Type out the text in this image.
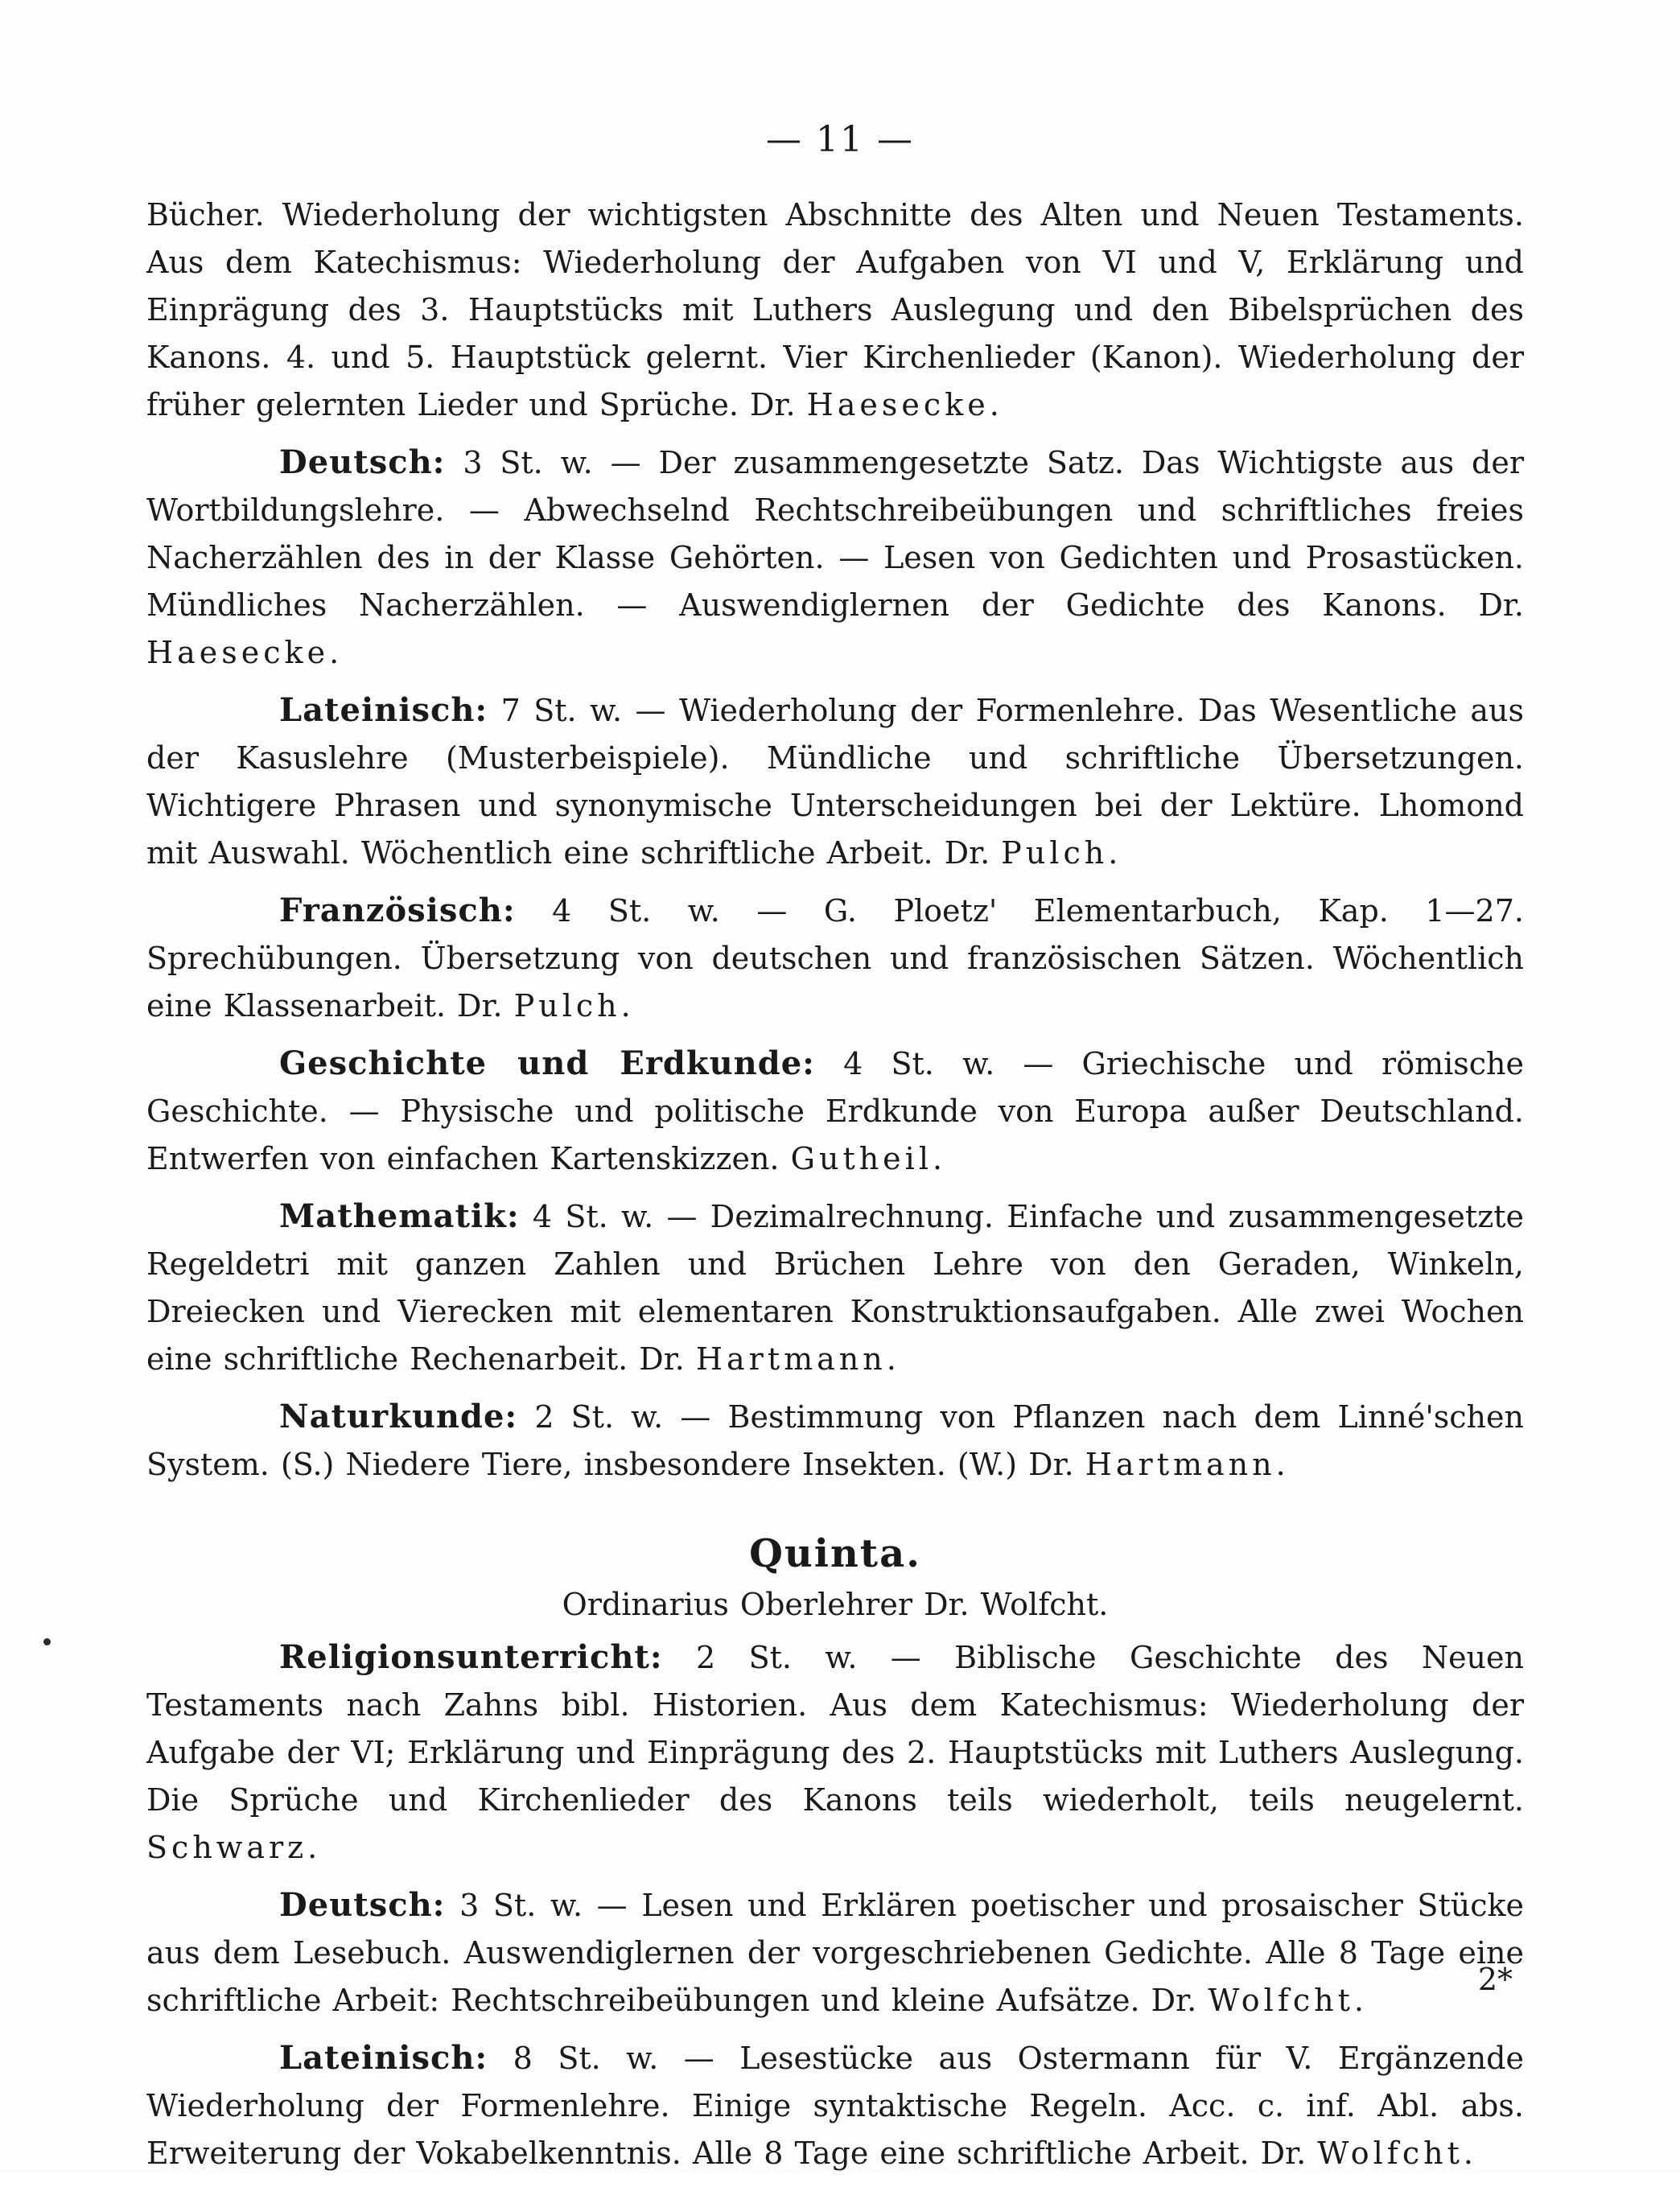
— 11 —

Bücher. Wiederholung der wichtigsten Abschnitte des Alten und Neuen Testaments. Aus dem Katechismus: Wiederholung der Aufgaben von VI und V, Erklärung und Einprägung des 3. Hauptstücks mit Luthers Auslegung und den Bibelsprüchen des Kanons. 4. und 5. Hauptstück gelernt. Vier Kirchenlieder (Kanon). Wiederholung der früher gelernten Lieder und Sprüche. Dr. Haesecke.

Deutsch: 3 St. w. — Der zusammengesetzte Satz. Das Wichtigste aus der Wortbildungslehre. — Abwechselnd Rechtschreibeübungen und schriftliches freies Nacherzählen des in der Klasse Gehörten. — Lesen von Gedichten und Prosastücken. Mündliches Nacherzählen. — Auswendiglernen der Gedichte des Kanons. Dr. Haesecke.

Lateinisch: 7 St. w. — Wiederholung der Formenlehre. Das Wesentliche aus der Kasuslehre (Musterbeispiele). Mündliche und schriftliche Übersetzungen. Wichtigere Phrasen und synonymische Unterscheidungen bei der Lektüre. Lhomond mit Auswahl. Wöchentlich eine schriftliche Arbeit. Dr. Pulch.

Französisch: 4 St. w. — G. Ploetz' Elementarbuch, Kap. 1—27. Sprechübungen. Übersetzung von deutschen und französischen Sätzen. Wöchentlich eine Klassenarbeit. Dr. Pulch.

Geschichte und Erdkunde: 4 St. w. — Griechische und römische Geschichte. — Physische und politische Erdkunde von Europa außer Deutschland. Entwerfen von einfachen Kartenskizzen. Gutheil.

Mathematik: 4 St. w. — Dezimalrechnung. Einfache und zusammengesetzte Regeldetri mit ganzen Zahlen und Brüchen Lehre von den Geraden, Winkeln, Dreiecken und Vierecken mit elementaren Konstruktionsaufgaben. Alle zwei Wochen eine schriftliche Rechenarbeit. Dr. Hartmann.

Naturkunde: 2 St. w. — Bestimmung von Pflanzen nach dem Linné'schen System. (S.) Niedere Tiere, insbesondere Insekten. (W.) Dr. Hartmann.

Quinta.
Ordinarius Oberlehrer Dr. Wolfcht.

Religionsunterricht: 2 St. w. — Biblische Geschichte des Neuen Testaments nach Zahns bibl. Historien. Aus dem Katechismus: Wiederholung der Aufgabe der VI; Erklärung und Einprägung des 2. Hauptstücks mit Luthers Auslegung. Die Sprüche und Kirchenlieder des Kanons teils wiederholt, teils neugelernt. Schwarz.

Deutsch: 3 St. w. — Lesen und Erklären poetischer und prosaischer Stücke aus dem Lesebuch. Auswendiglernen der vorgeschriebenen Gedichte. Alle 8 Tage eine schriftliche Arbeit: Rechtschreibeübungen und kleine Aufsätze. Dr. Wolfcht.

Lateinisch: 8 St. w. — Lesestücke aus Ostermann für V. Ergänzende Wiederholung der Formenlehre. Einige syntaktische Regeln. Acc. c. inf. Abl. abs. Erweiterung der Vokabelkenntnis. Alle 8 Tage eine schriftliche Arbeit. Dr. Wolfcht.

2*
